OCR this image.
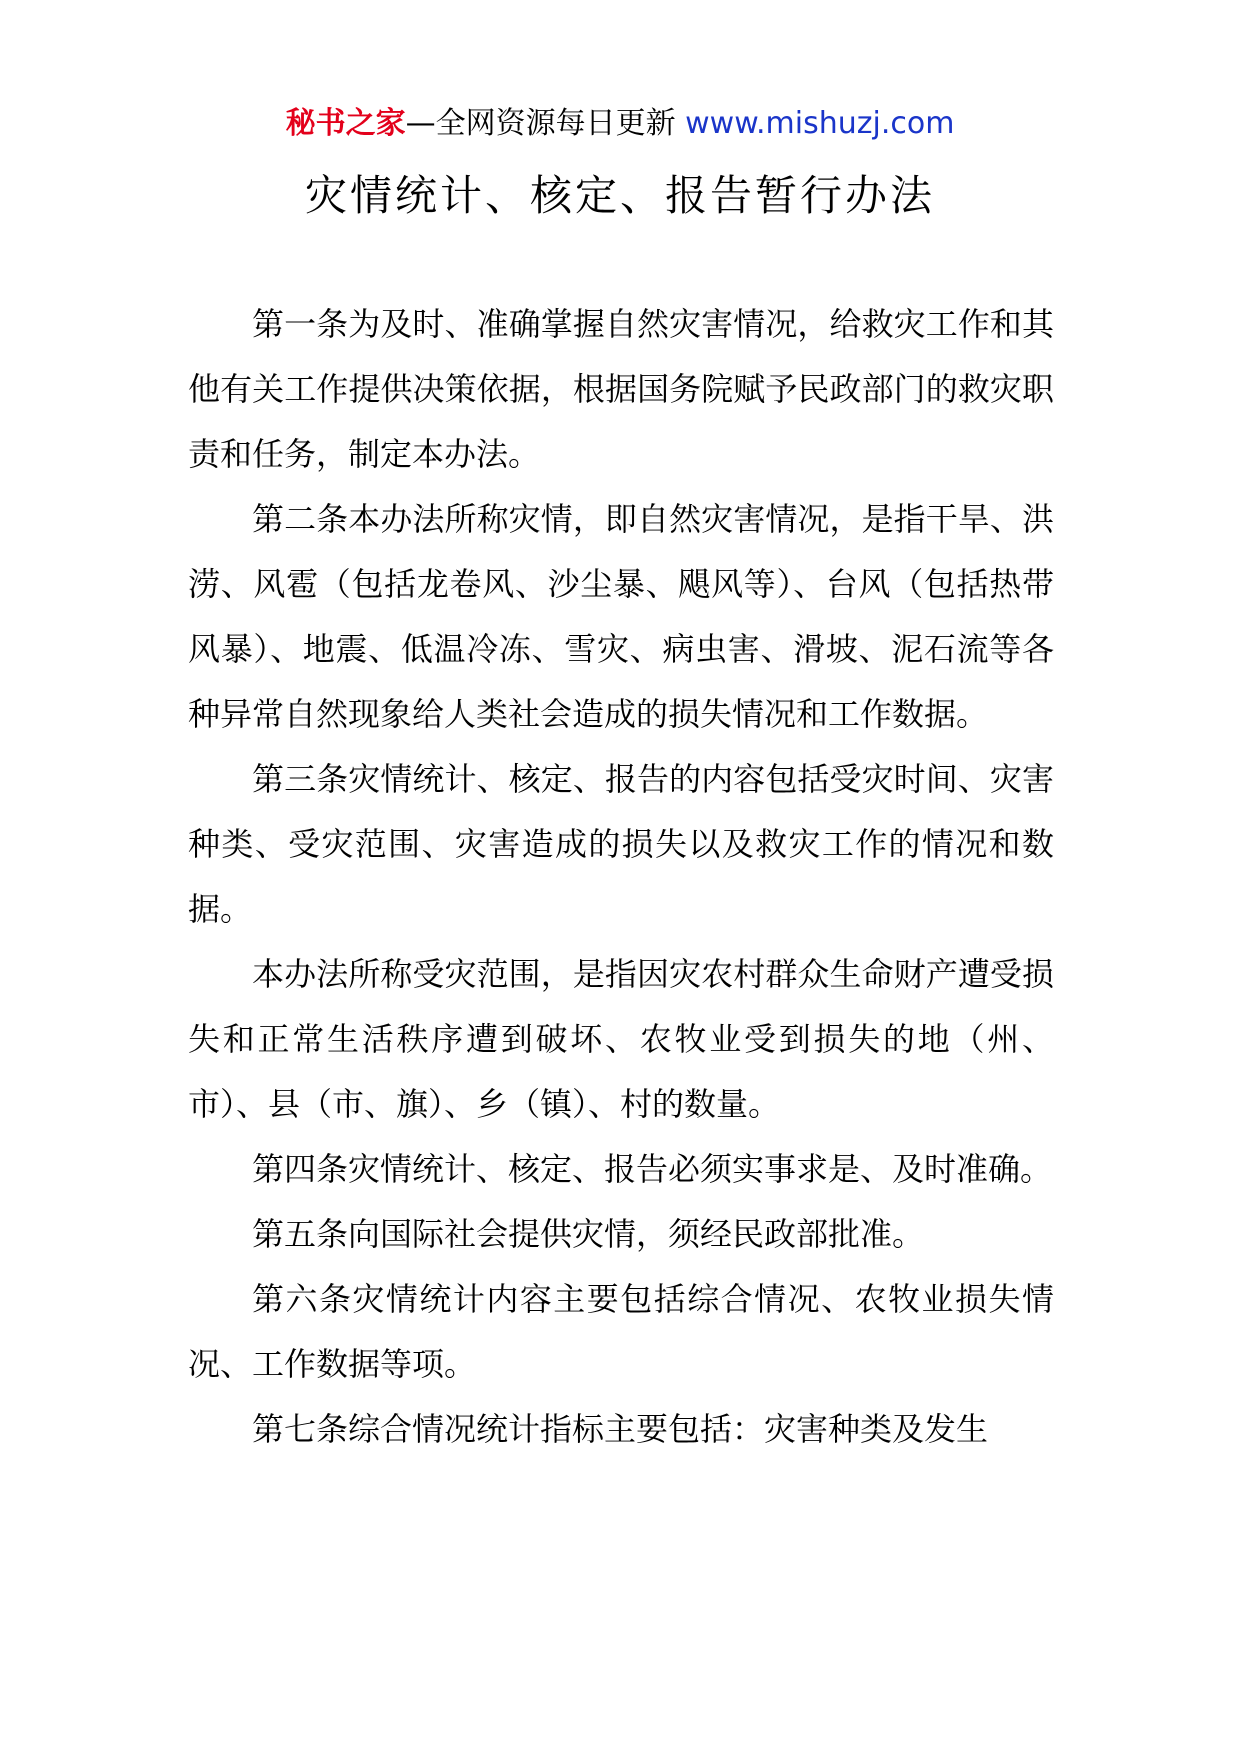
秘书之家—全网资源每日更新 www.mishuzj.com
灾情统计、核定、报告暂行办法

第一条为及时、准确掌握自然灾害情况，给救灾工作和其他有关工作提供决策依据，根据国务院赋予民政部门的救灾职责和任务，制定本办法。

第二条本办法所称灾情，即自然灾害情况，是指干旱、洪涝、风雹（包括龙卷风、沙尘暴、飓风等）、台风（包括热带风暴）、地震、低温冷冻、雪灾、病虫害、滑坡、泥石流等各种异常自然现象给人类社会造成的损失情况和工作数据。

第三条灾情统计、核定、报告的内容包括受灾时间、灾害种类、受灾范围、灾害造成的损失以及救灾工作的情况和数据。

本办法所称受灾范围，是指因灾农村群众生命财产遭受损失和正常生活秩序遭到破坏、农牧业受到损失的地（州、市）、县（市、旗）、乡（镇）、村的数量。

第四条灾情统计、核定、报告必须实事求是、及时准确。

第五条向国际社会提供灾情，须经民政部批准。

第六条灾情统计内容主要包括综合情况、农牧业损失情况、工作数据等项。

第七条综合情况统计指标主要包括：灾害种类及发生
